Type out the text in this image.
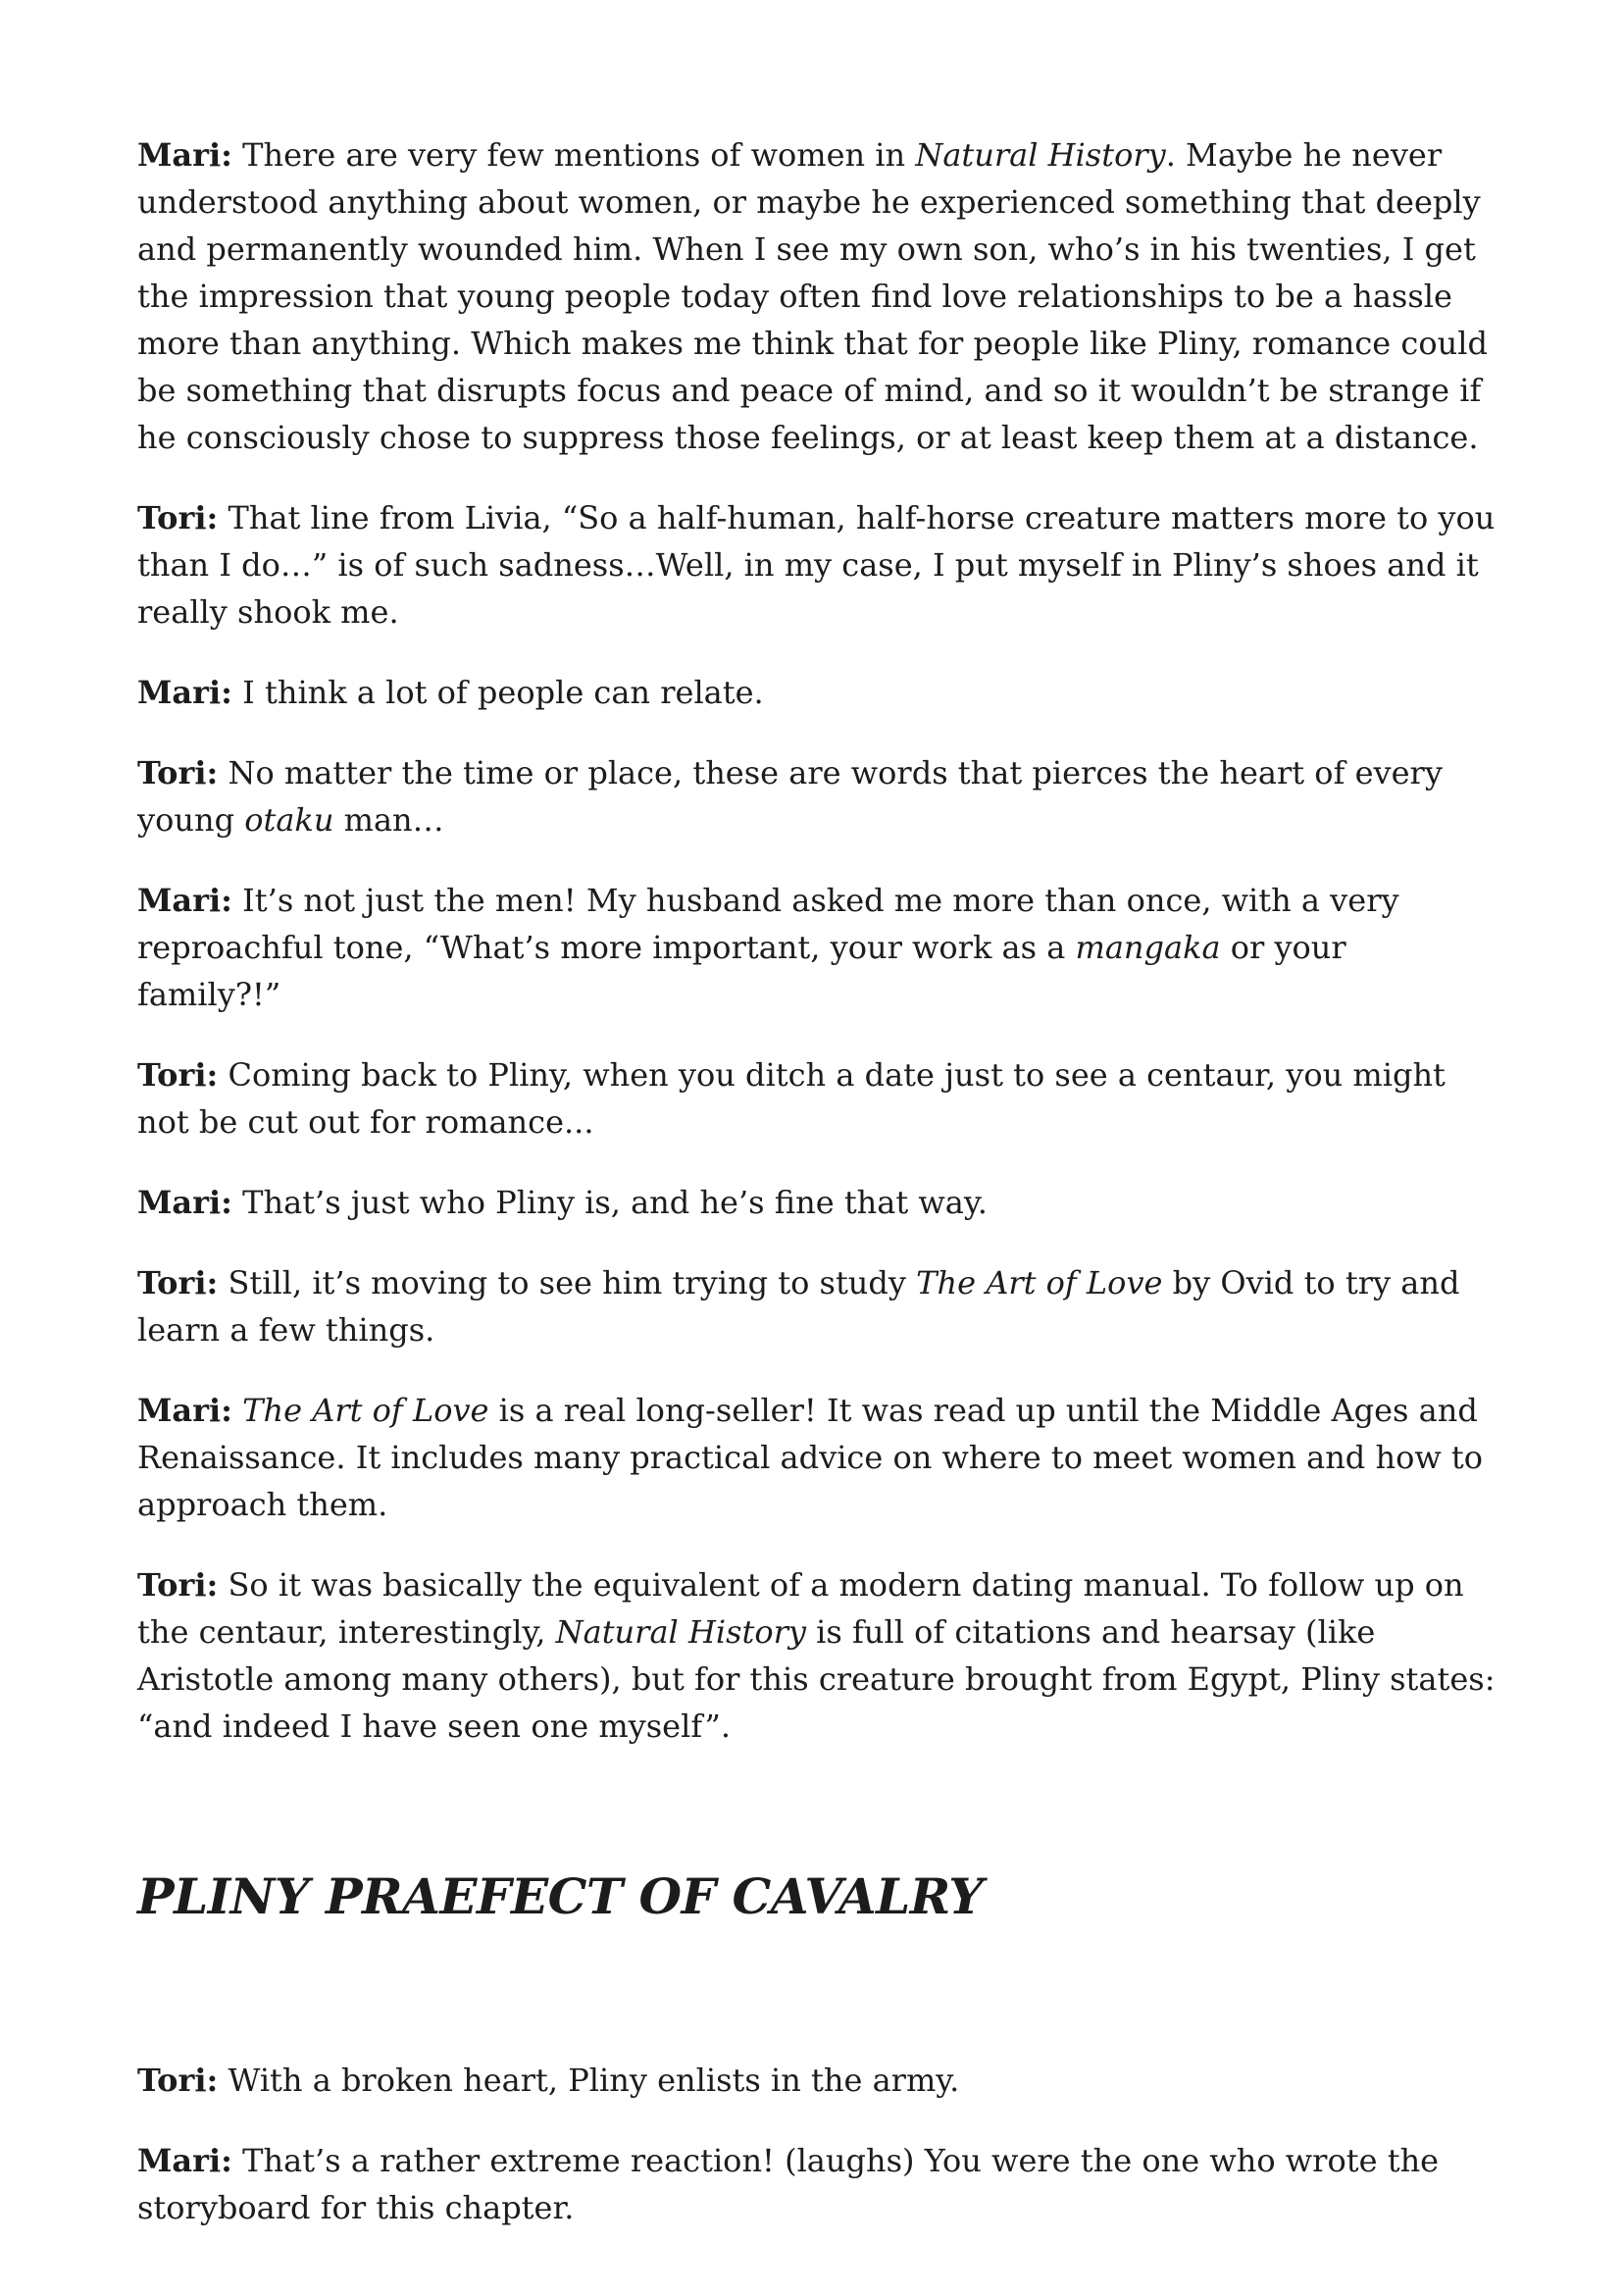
Mari: There are very few mentions of women in Natural History. Maybe he never understood anything about women, or maybe he experienced something that deeply and permanently wounded him. When I see my own son, who’s in his twenties, I get the impression that young people today often find love relationships to be a hassle more than anything. Which makes me think that for people like Pliny, romance could be something that disrupts focus and peace of mind, and so it wouldn’t be strange if he consciously chose to suppress those feelings, or at least keep them at a distance.

Tori: That line from Livia, “So a half-human, half-horse creature matters more to you than I do…” is of such sadness…Well, in my case, I put myself in Pliny’s shoes and it really shook me.

Mari: I think a lot of people can relate.

Tori: No matter the time or place, these are words that pierces the heart of every young otaku man…

Mari: It’s not just the men! My husband asked me more than once, with a very reproachful tone, “What’s more important, your work as a mangaka or your family?!”

Tori: Coming back to Pliny, when you ditch a date just to see a centaur, you might not be cut out for romance...

Mari: That’s just who Pliny is, and he’s fine that way.

Tori: Still, it’s moving to see him trying to study The Art of Love by Ovid to try and learn a few things.

Mari: The Art of Love is a real long-seller! It was read up until the Middle Ages and Renaissance. It includes many practical advice on where to meet women and how to approach them.

Tori: So it was basically the equivalent of a modern dating manual. To follow up on the centaur, interestingly, Natural History is full of citations and hearsay (like Aristotle among many others), but for this creature brought from Egypt, Pliny states: “and indeed I have seen one myself”.

PLINY PRAEFECT OF CAVALRY

Tori: With a broken heart, Pliny enlists in the army.

Mari: That’s a rather extreme reaction! (laughs) You were the one who wrote the storyboard for this chapter.
